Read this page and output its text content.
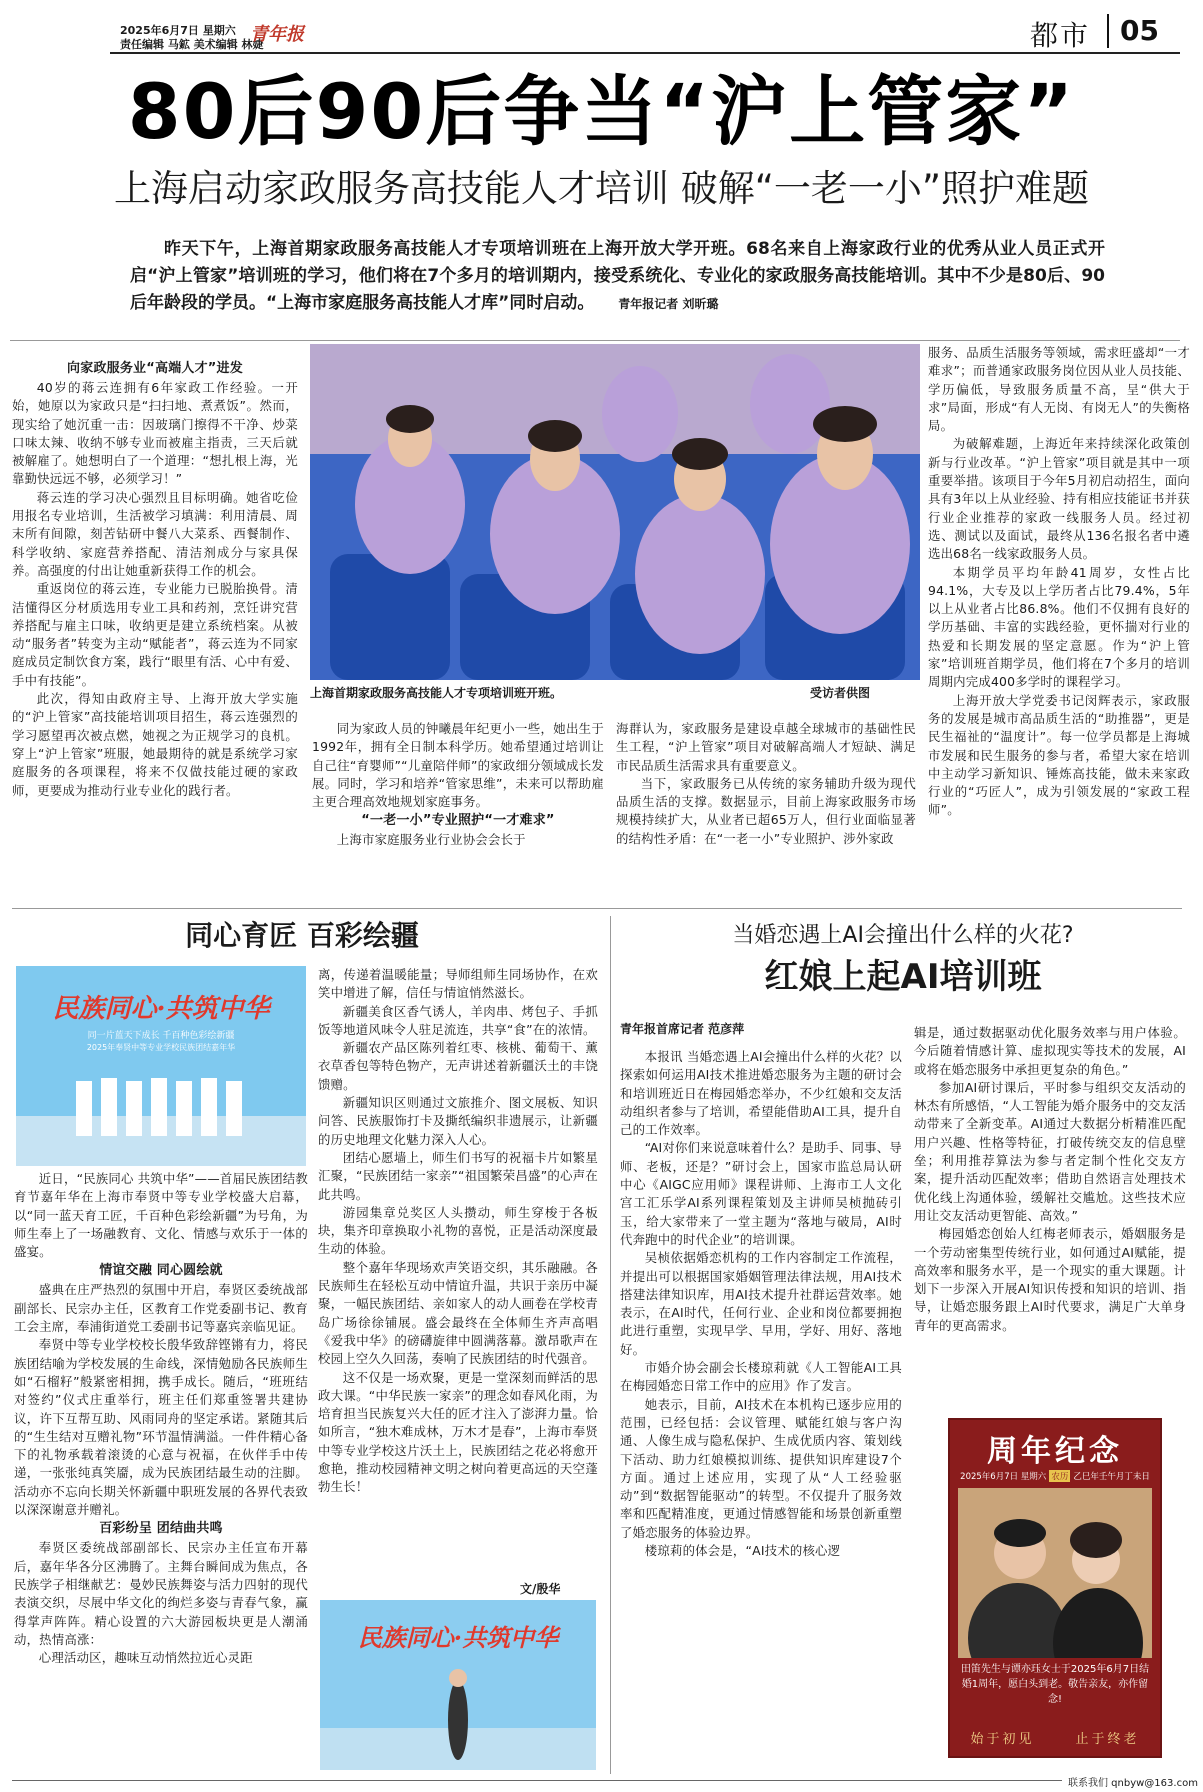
2025年6月7日 星期六
责任编辑 马鉱 美术编辑 林婕
青年报	都市 05
80后90后争当“沪上管家”
上海启动家政服务高技能人才培训 破解“一老一小”照护难题
昨天下午，上海首期家政服务高技能人才专项培训班在上海开放大学开班。68名来自上海家政行业的优秀从业人员正式开启“沪上管家”培训班的学习，他们将在7个多月的培训期内，接受系统化、专业化的家政服务高技能培训。其中不少是80后、90后年龄段的学员。“上海市家庭服务高技能人才库”同时启动。 青年报记者 刘昕璐

向家政服务业“高端人才”进发

40岁的蒋云连拥有6年家政工作经验。一开始，她原以为家政只是“扫扫地、煮煮饭”。然而，现实给了她沉重一击：因玻璃门擦得不干净、炒菜口味太辣、收纳不够专业而被雇主指责，三天后就被解雇了。她想明白了一个道理：“想扎根上海，光靠勤快远远不够，必须学习！”

蒋云连的学习决心强烈且目标明确。她省吃俭用报名专业培训，生活被学习填满：利用清晨、周末所有间隙，刻苦钻研中餐八大菜系、西餐制作、科学收纳、家庭营养搭配、清洁剂成分与家具保养。高强度的付出让她重新获得工作的机会。

重返岗位的蒋云连，专业能力已脱胎换骨。清洁懂得区分材质选用专业工具和药剂，烹饪讲究营养搭配与雇主口味，收纳更是建立系统档案。从被动“服务者”转变为主动“赋能者”，蒋云连为不同家庭成员定制饮食方案，践行“眼里有活、心中有爱、手中有技能”。

此次，得知由政府主导、上海开放大学实施的“沪上管家”高技能培训项目招生，蒋云连强烈的学习愿望再次被点燃，她视之为正规学习的良机。穿上“沪上管家”班服，她最期待的就是系统学习家庭服务的各项课程，将来不仅做技能过硬的家政师，更要成为推动行业专业化的践行者。

上海首期家政服务高技能人才专项培训班开班。	受访者供图

同为家政人员的钟曦晨年纪更小一些，她出生于1992年，拥有全日制本科学历。她希望通过培训让自己往“育婴师”“儿童陪伴师”的家政细分领域成长发展。同时，学习和培养“管家思维”，未来可以帮助雇主更合理高效地规划家庭事务。

“一老一小”专业照护“一才难求”

上海市家庭服务业行业协会会长于

海群认为，家政服务是建设卓越全球城市的基础性民生工程，“沪上管家”项目对破解高端人才短缺、满足市民品质生活需求具有重要意义。

当下，家政服务已从传统的家务辅助升级为现代品质生活的支撑。数据显示，目前上海家政服务市场规模持续扩大，从业者已超65万人，但行业面临显著的结构性矛盾：在“一老一小”专业照护、涉外家政

服务、品质生活服务等领域，需求旺盛却“一才难求”；而普通家政服务岗位因从业人员技能、学历偏低，导致服务质量不高，呈“供大于求”局面，形成“有人无岗、有岗无人”的失衡格局。

为破解难题，上海近年来持续深化政策创新与行业改革。“沪上管家”项目就是其中一项重要举措。该项目于今年5月初启动招生，面向具有3年以上从业经验、持有相应技能证书并获行业企业推荐的家政一线服务人员。经过初选、测试以及面试，最终从136名报名者中遴选出68名一线家政服务人员。

本期学员平均年龄41周岁，女性占比94.1%，大专及以上学历者占比79.4%，5年以上从业者占比86.8%。他们不仅拥有良好的学历基础、丰富的实践经验，更怀揣对行业的热爱和长期发展的坚定意愿。作为“沪上管家”培训班首期学员，他们将在7个多月的培训周期内完成400多学时的课程学习。

上海开放大学党委书记闵辉表示，家政服务的发展是城市高品质生活的“助推器”，更是民生福祉的“温度计”。每一位学员都是上海城市发展和民生服务的参与者，希望大家在培训中主动学习新知识、锤炼高技能，做未来家政行业的“巧匠人”，成为引领发展的“家政工程师”。

同心育匠 百彩绘疆
民族同心·共筑中华
同一片蓝天下成长 千百种色彩绘新疆
2025年奉贤中等专业学校民族团结嘉年华

近日，“民族同心 共筑中华”——首届民族团结教育节嘉年华在上海市奉贤中等专业学校盛大启幕，以“同一蓝天育工匠，千百种色彩绘新疆”为号角，为师生奉上了一场融教育、文化、情感与欢乐于一体的盛宴。

情谊交融 同心圆绘就

盛典在庄严热烈的氛围中开启，奉贤区委统战部副部长、民宗办主任，区教育工作党委副书记、教育工会主席，奉浦街道党工委副书记等嘉宾亲临见证。

奉贤中等专业学校校长殷华致辞铿锵有力，将民族团结喻为学校发展的生命线，深情勉励各民族师生如“石榴籽”般紧密相拥，携手成长。随后，“班班结对签约”仪式庄重举行，班主任们郑重签署共建协议，许下互帮互助、风雨同舟的坚定承诺。紧随其后的“生生结对互赠礼物”环节温情满溢。一件件精心备下的礼物承载着滚烫的心意与祝福，在伙伴手中传递，一张张纯真笑靥，成为民族团结最生动的注脚。活动亦不忘向长期关怀新疆中职班发展的各界代表致以深深谢意并赠礼。

百彩纷呈 团结曲共鸣

奉贤区委统战部副部长、民宗办主任宣布开幕后，嘉年华各分区沸腾了。主舞台瞬间成为焦点，各民族学子相继献艺：曼妙民族舞姿与活力四射的现代表演交织，尽展中华文化的绚烂多姿与青春气象，赢得掌声阵阵。精心设置的六大游园板块更是人潮涌动，热情高涨：

心理活动区，趣味互动悄然拉近心灵距

离，传递着温暖能量；导师组师生同场协作，在欢笑中增进了解，信任与情谊悄然滋长。

新疆美食区香气诱人，羊肉串、烤包子、手抓饭等地道风味令人驻足流连，共享“食”在的浓情。

新疆农产品区陈列着红枣、核桃、葡萄干、薰衣草香包等特色物产，无声讲述着新疆沃土的丰饶馈赠。

新疆知识区则通过文旅推介、图文展板、知识问答、民族服饰打卡及撕纸编织非遗展示，让新疆的历史地理文化魅力深入人心。

团结心愿墙上，师生们书写的祝福卡片如繁星汇聚，“民族团结一家亲”“祖国繁荣昌盛”的心声在此共鸣。

游园集章兑奖区人头攒动，师生穿梭于各板块，集齐印章换取小礼物的喜悦，正是活动深度最生动的体验。

整个嘉年华现场欢声笑语交织，其乐融融。各民族师生在轻松互动中情谊升温，共识于亲历中凝聚，一幅民族团结、亲如家人的动人画卷在学校青岛广场徐徐铺展。盛会最终在全体师生齐声高唱《爱我中华》的磅礴旋律中圆满落幕。激昂歌声在校园上空久久回荡，奏响了民族团结的时代强音。

这不仅是一场欢聚，更是一堂深刻而鲜活的思政大课。“中华民族一家亲”的理念如春风化雨，为培育担当民族复兴大任的匠才注入了澎湃力量。恰如所言，“独木难成林，万木才是春”，上海市奉贤中等专业学校这片沃土上，民族团结之花必将愈开愈艳，推动校园精神文明之树向着更高远的天空蓬勃生长！

民族同心·共筑中华
文/殷华
当婚恋遇上AI会撞出什么样的火花?
红娘上起AI培训班
青年报首席记者 范彦萍

本报讯 当婚恋遇上AI会撞出什么样的火花？以探索如何运用AI技术推进婚恋服务为主题的研讨会和培训班近日在梅园婚恋举办，不少红娘和交友活动组织者参与了培训，希望能借助AI工具，提升自己的工作效率。

“AI对你们来说意味着什么？是助手、同事、导师、老板，还是？”研讨会上，国家市监总局认研中心《AIGC应用师》课程讲师、上海市工人文化宫工汇乐学AI系列课程策划及主讲师吴桢抛砖引玉，给大家带来了一堂主题为“落地与破局，AI时代奔跑中的时代企业”的培训课。

吴桢依据婚恋机构的工作内容制定工作流程，并提出可以根据国家婚姻管理法律法规，用AI技术搭建法律知识库，用AI技术提升社群运营效率。她表示，在AI时代，任何行业、企业和岗位都要拥抱此进行重塑，实现早学、早用，学好、用好、落地好。

市婚介协会副会长楼琼莉就《人工智能AI工具在梅园婚恋日常工作中的应用》作了发言。

她表示，目前，AI技术在本机构已逐步应用的范围，已经包括：会议管理、赋能红娘与客户沟通、人像生成与隐私保护、生成优质内容、策划线下活动、助力红娘模拟训练、提供知识库建设7个方面。通过上述应用，实现了从“人工经验驱动”到“数据智能驱动”的转型。不仅提升了服务效率和匹配精准度，更通过情感智能和场景创新重塑了婚恋服务的体验边界。

楼琼莉的体会是，“AI技术的核心逻

辑是，通过数据驱动优化服务效率与用户体验。今后随着情感计算、虚拟现实等技术的发展，AI或将在婚恋服务中承担更复杂的角色。”

参加AI研讨课后，平时参与组织交友活动的林杰有所感悟，“人工智能为婚介服务中的交友活动带来了全新变革。AI通过大数据分析精准匹配用户兴趣、性格等特征，打破传统交友的信息壁垒；利用推荐算法为参与者定制个性化交友方案，提升活动匹配效率；借助自然语言处理技术优化线上沟通体验，缓解社交尴尬。这些技术应用让交友活动更智能、高效。”

梅园婚恋创始人红梅老师表示，婚姻服务是一个劳动密集型传统行业，如何通过AI赋能，提高效率和服务水平，是一个现实的重大课题。计划下一步深入开展AI知识传授和知识的培训、指导，让婚恋服务跟上AI时代要求，满足广大单身青年的更高需求。

周年纪念
2025年6月7日 星期六 农历 乙巳年壬午月丁未日
田笛先生与谭亦珏女士于2025年6月7日结婚1周年，愿白头到老。敬告亲友，亦作留念!
始于初见	止于终老
联系我们 qnbyw@163.com
